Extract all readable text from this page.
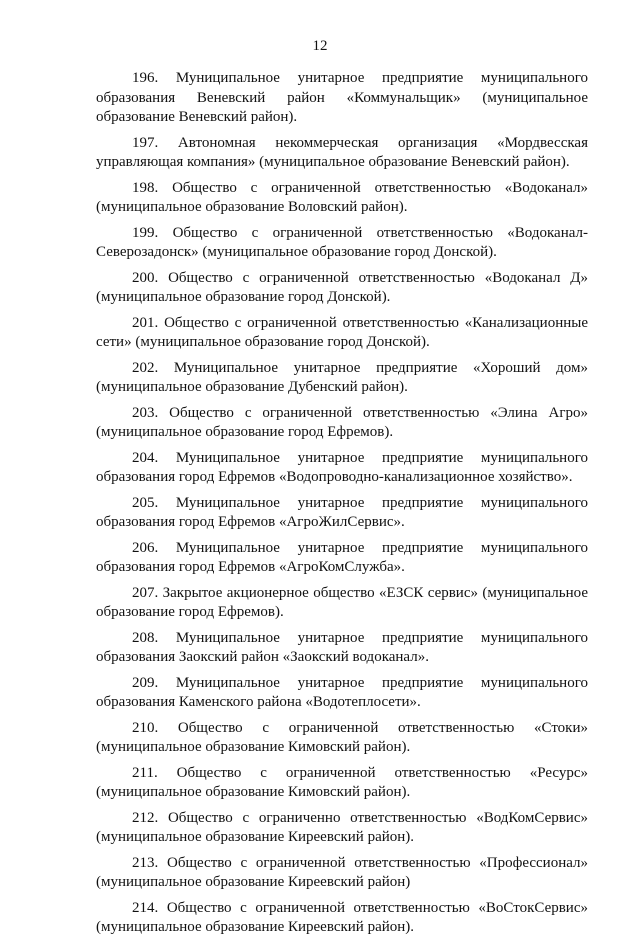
12

196. Муниципальное унитарное предприятие муниципального образования Веневский район «Коммунальщик» (муниципальное образование Веневский район).

197. Автономная некоммерческая организация «Мордвесская управляющая компания» (муниципальное образование Веневский район).

198. Общество с ограниченной ответственностью «Водоканал» (муниципальное образование Воловский район).

199. Общество с ограниченной ответственностью «Водоканал-Северозадонск» (муниципальное образование город Донской).

200. Общество с ограниченной ответственностью «Водоканал Д» (муниципальное образование город Донской).

201. Общество с ограниченной ответственностью «Канализационные сети» (муниципальное образование город Донской).

202. Муниципальное унитарное предприятие «Хороший дом» (муниципальное образование Дубенский район).

203. Общество с ограниченной ответственностью «Элина Агро» (муниципальное образование город Ефремов).

204. Муниципальное унитарное предприятие муниципального образования город Ефремов «Водопроводно-канализационное хозяйство».

205. Муниципальное унитарное предприятие муниципального образования город Ефремов «АгроЖилСервис».

206. Муниципальное унитарное предприятие муниципального образования город Ефремов «АгроКомСлужба».

207. Закрытое акционерное общество «ЕЗСК сервис» (муниципальное образование город Ефремов).

208. Муниципальное унитарное предприятие муниципального образования Заокский район «Заокский водоканал».

209. Муниципальное унитарное предприятие муниципального образования Каменского района «Водотеплосети».

210. Общество с ограниченной ответственностью «Стоки» (муниципальное образование Кимовский район).

211. Общество с ограниченной ответственностью «Ресурс» (муниципальное образование Кимовский район).

212. Общество с ограниченно ответственностью «ВодКомСервис» (муниципальное образование Киреевский район).

213. Общество с ограниченной ответственностью «Профессионал» (муниципальное образование Киреевский район)

214. Общество с ограниченной ответственностью «ВоСтокСервис» (муниципальное образование Киреевский район).
